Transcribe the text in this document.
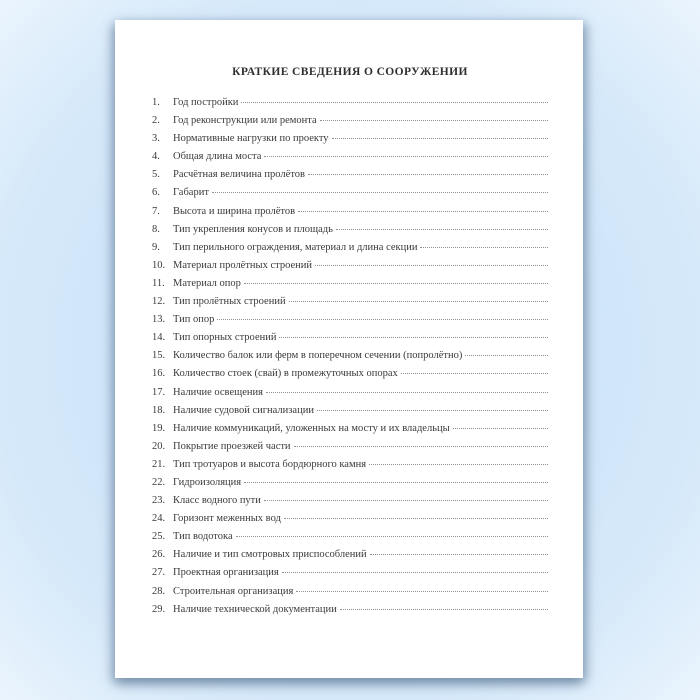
КРАТКИЕ СВЕДЕНИЯ О СООРУЖЕНИИ
1.	Год постройки
2.	Год реконструкции или ремонта
3.	Нормативные нагрузки по проекту
4.	Общая длина моста
5.	Расчётная величина пролётов
6.	Габарит
7.	Высота и ширина пролётов
8.	Тип укрепления конусов и площадь
9.	Тип перильного ограждения, материал и длина секции
10. Материал пролётных строений
11. Материал опор
12. Тип пролётных строений
13. Тип опор
14. Тип опорных строений
15. Количество балок или ферм в поперечном сечении (попролётно)
16. Количество стоек (свай) в промежуточных опорах
17. Наличие освещения
18. Наличие судовой сигнализации
19. Наличие коммуникаций, уложенных на мосту и их владельцы
20. Покрытие проезжей части
21. Тип тротуаров и высота бордюрного камня
22. Гидроизоляция
23. Класс водного пути
24. Горизонт меженных вод
25. Тип водотока
26. Наличие и тип смотровых приспособлений
27. Проектная организация
28. Строительная организация
29. Наличие технической документации
